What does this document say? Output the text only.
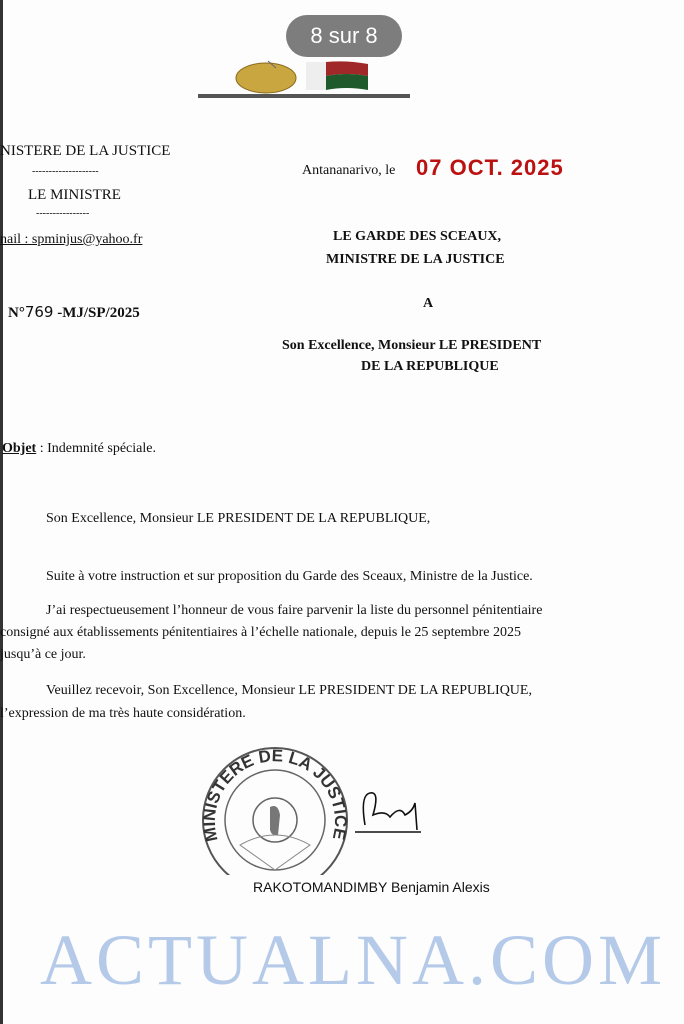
8 sur 8
NISTERE DE LA JUSTICE
--------------------
LE MINISTRE
----------------
nail : spminjus@yahoo.fr
N°769 -MJ/SP/2025
Antananarivo, le 07 OCT. 2025
LE GARDE DES SCEAUX,
MINISTRE DE LA JUSTICE
A
Son Excellence, Monsieur LE PRESIDENT
DE LA REPUBLIQUE
Objet : Indemnité spéciale.
Son Excellence, Monsieur LE PRESIDENT DE LA REPUBLIQUE,
Suite à votre instruction et sur proposition du Garde des Sceaux, Ministre de la Justice.
J’ai respectueusement l’honneur de vous faire parvenir la liste du personnel pénitentiaire
consigné aux établissements pénitentiaires à l’échelle nationale, depuis le 25 septembre 2025
jusqu’à ce jour.
Veuillez recevoir, Son Excellence, Monsieur LE PRESIDENT DE LA REPUBLIQUE,
l’expression de ma très haute considération.
MINISTERE DE LA JUSTICE
RAKOTOMANDIMBY Benjamin Alexis
ACTUALNA.COM
